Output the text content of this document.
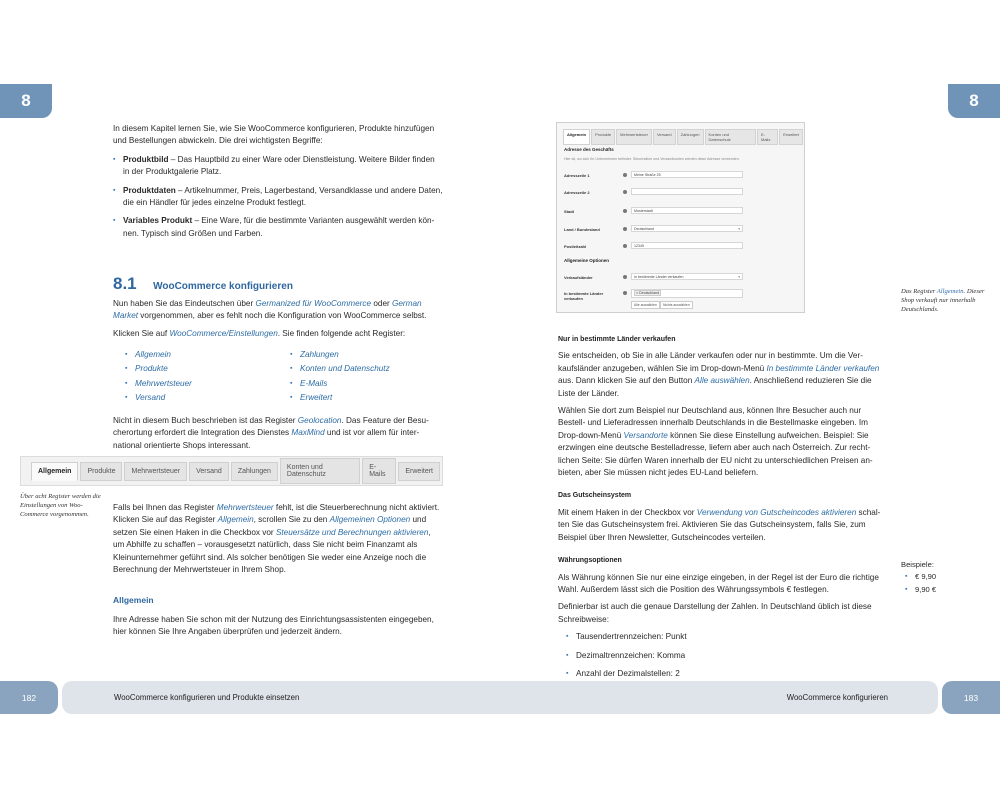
8	8

In diesem Kapitel lernen Sie, wie Sie WooCommerce konfigurieren, Produkte hinzufügen und Bestellungen abwickeln. Die drei wichtigsten Begriffe:

▪ Produktbild – Das Hauptbild zu einer Ware oder Dienstleistung. Weitere Bilder finden in der Produktgalerie Platz.
▪ Produktdaten – Artikelnummer, Preis, Lagerbestand, Versandklasse und andere Daten, die ein Händler für jedes einzelne Produkt festlegt.
▪ Variables Produkt – Eine Ware, für die bestimmte Varianten ausgewählt werden können. Typisch sind Größen und Farben.
8.1 WooCommerce konfigurieren

Nun haben Sie das Eindeutschen über Germanized für WooCommerce oder German Market vorgenommen, aber es fehlt noch die Konfiguration von WooCommerce selbst.

Klicken Sie auf WooCommerce/Einstellungen. Sie finden folgende acht Register:

▪ Allgemein
▪ Produkte
▪ Mehrwertsteuer
▪ Versand
▪ Zahlungen
▪ Konten und Datenschutz
▪ E-Mails
▪ Erweitert

Nicht in diesem Buch beschrieben ist das Register Geolocation. Das Feature der Besucherortung erfordert die Integration des Dienstes MaxMind und ist vor allem für international orientierte Shops interessant.

Allgemein	Produkte	Mehrwertsteuer	Versand	Zahlungen	Konten und Datenschutz
E-Mails	Erweitert
Über acht Register werden die Einstellungen von WooCommerce vorgenommen.

Falls bei Ihnen das Register Mehrwertsteuer fehlt, ist die Steuerberechnung nicht aktiviert. Klicken Sie auf das Register Allgemein, scrollen Sie zu den Allgemeinen Optionen und setzen Sie einen Haken in die Checkbox vor Steuersätze und Berechnungen aktivieren, um Abhilfe zu schaffen – vorausgesetzt natürlich, dass Sie nicht beim Finanzamt als Kleinunternehmer geführt sind. Als solcher benötigen Sie weder eine Anzeige noch die Berechnung der Mehrwertsteuer in Ihrem Shop.

Allgemein

Ihre Adresse haben Sie schon mit der Nutzung des Einrichtungsassistenten eingegeben, hier können Sie Ihre Angaben überprüfen und jederzeit ändern.

Allgemein	Produkte	Mehrwertsteuer	Versand	Zahlungen	Konten und Datenschutz
E-Mails
Erweitert
Adresse des Geschäfts
Hier ist, wo sich Ihr Unternehmen befindet. Steuersätze und Versandkosten werden diese Adresse verwenden.
Adresszeile 1	Meine Straße 25
Adresszeile 2
Stadt	Musterstadt
Land / Bundesland	Deutschland	▾
Postleitzahl	12345
Allgemeine Optionen
Verkaufsländer	In bestimmte Länder verkaufen	▾
In bestimmte Länder verkaufen
× Deutschland
Alle auswählen	Nichts auswählen
Das Register Allgemein. Dieser Shop verkauft nur innerhalb Deutschlands.
Nur in bestimmte Länder verkaufen

Sie entscheiden, ob Sie in alle Länder verkaufen oder nur in bestimmte. Um die Verkaufsländer anzugeben, wählen Sie im Drop-down-Menü In bestimmte Länder verkaufen aus. Dann klicken Sie auf den Button Alle auswählen. Anschließend reduzieren Sie die Liste der Länder.

Wählen Sie dort zum Beispiel nur Deutschland aus, können Ihre Besucher auch nur Bestell- und Lieferadressen innerhalb Deutschlands in die Bestellmaske eingeben. Im Drop-down-Menü Versandorte können Sie diese Einstellung aufweichen. Beispiel: Sie erzwingen eine deutsche Bestelladresse, liefern aber auch nach Österreich. Zur rechtlichen Seite: Sie dürfen Waren innerhalb der EU nicht zu unterschiedlichen Preisen anbieten, aber Sie müssen nicht jedes EU-Land beliefern.

Das Gutscheinsystem

Mit einem Haken in der Checkbox vor Verwendung von Gutscheincodes aktivieren schalten Sie das Gutscheinsystem frei. Aktivieren Sie das Gutscheinsystem, falls Sie, zum Beispiel über Ihren Newsletter, Gutscheincodes verteilen.

Währungsoptionen

Als Währung können Sie nur eine einzige eingeben, in der Regel ist der Euro die richtige Wahl. Außerdem lässt sich die Position des Währungssymbols € festlegen.

Definierbar ist auch die genaue Darstellung der Zahlen. In Deutschland üblich ist diese Schreibweise:

▪ Tausendertrennzeichen: Punkt
▪ Dezimaltrennzeichen: Komma
▪ Anzahl der Dezimalstellen: 2
Beispiele:
▪ € 9,90
▪ 9,90 €
182	WooCommerce konfigurieren und Produkte einsetzen	WooCommerce konfigurieren	183
